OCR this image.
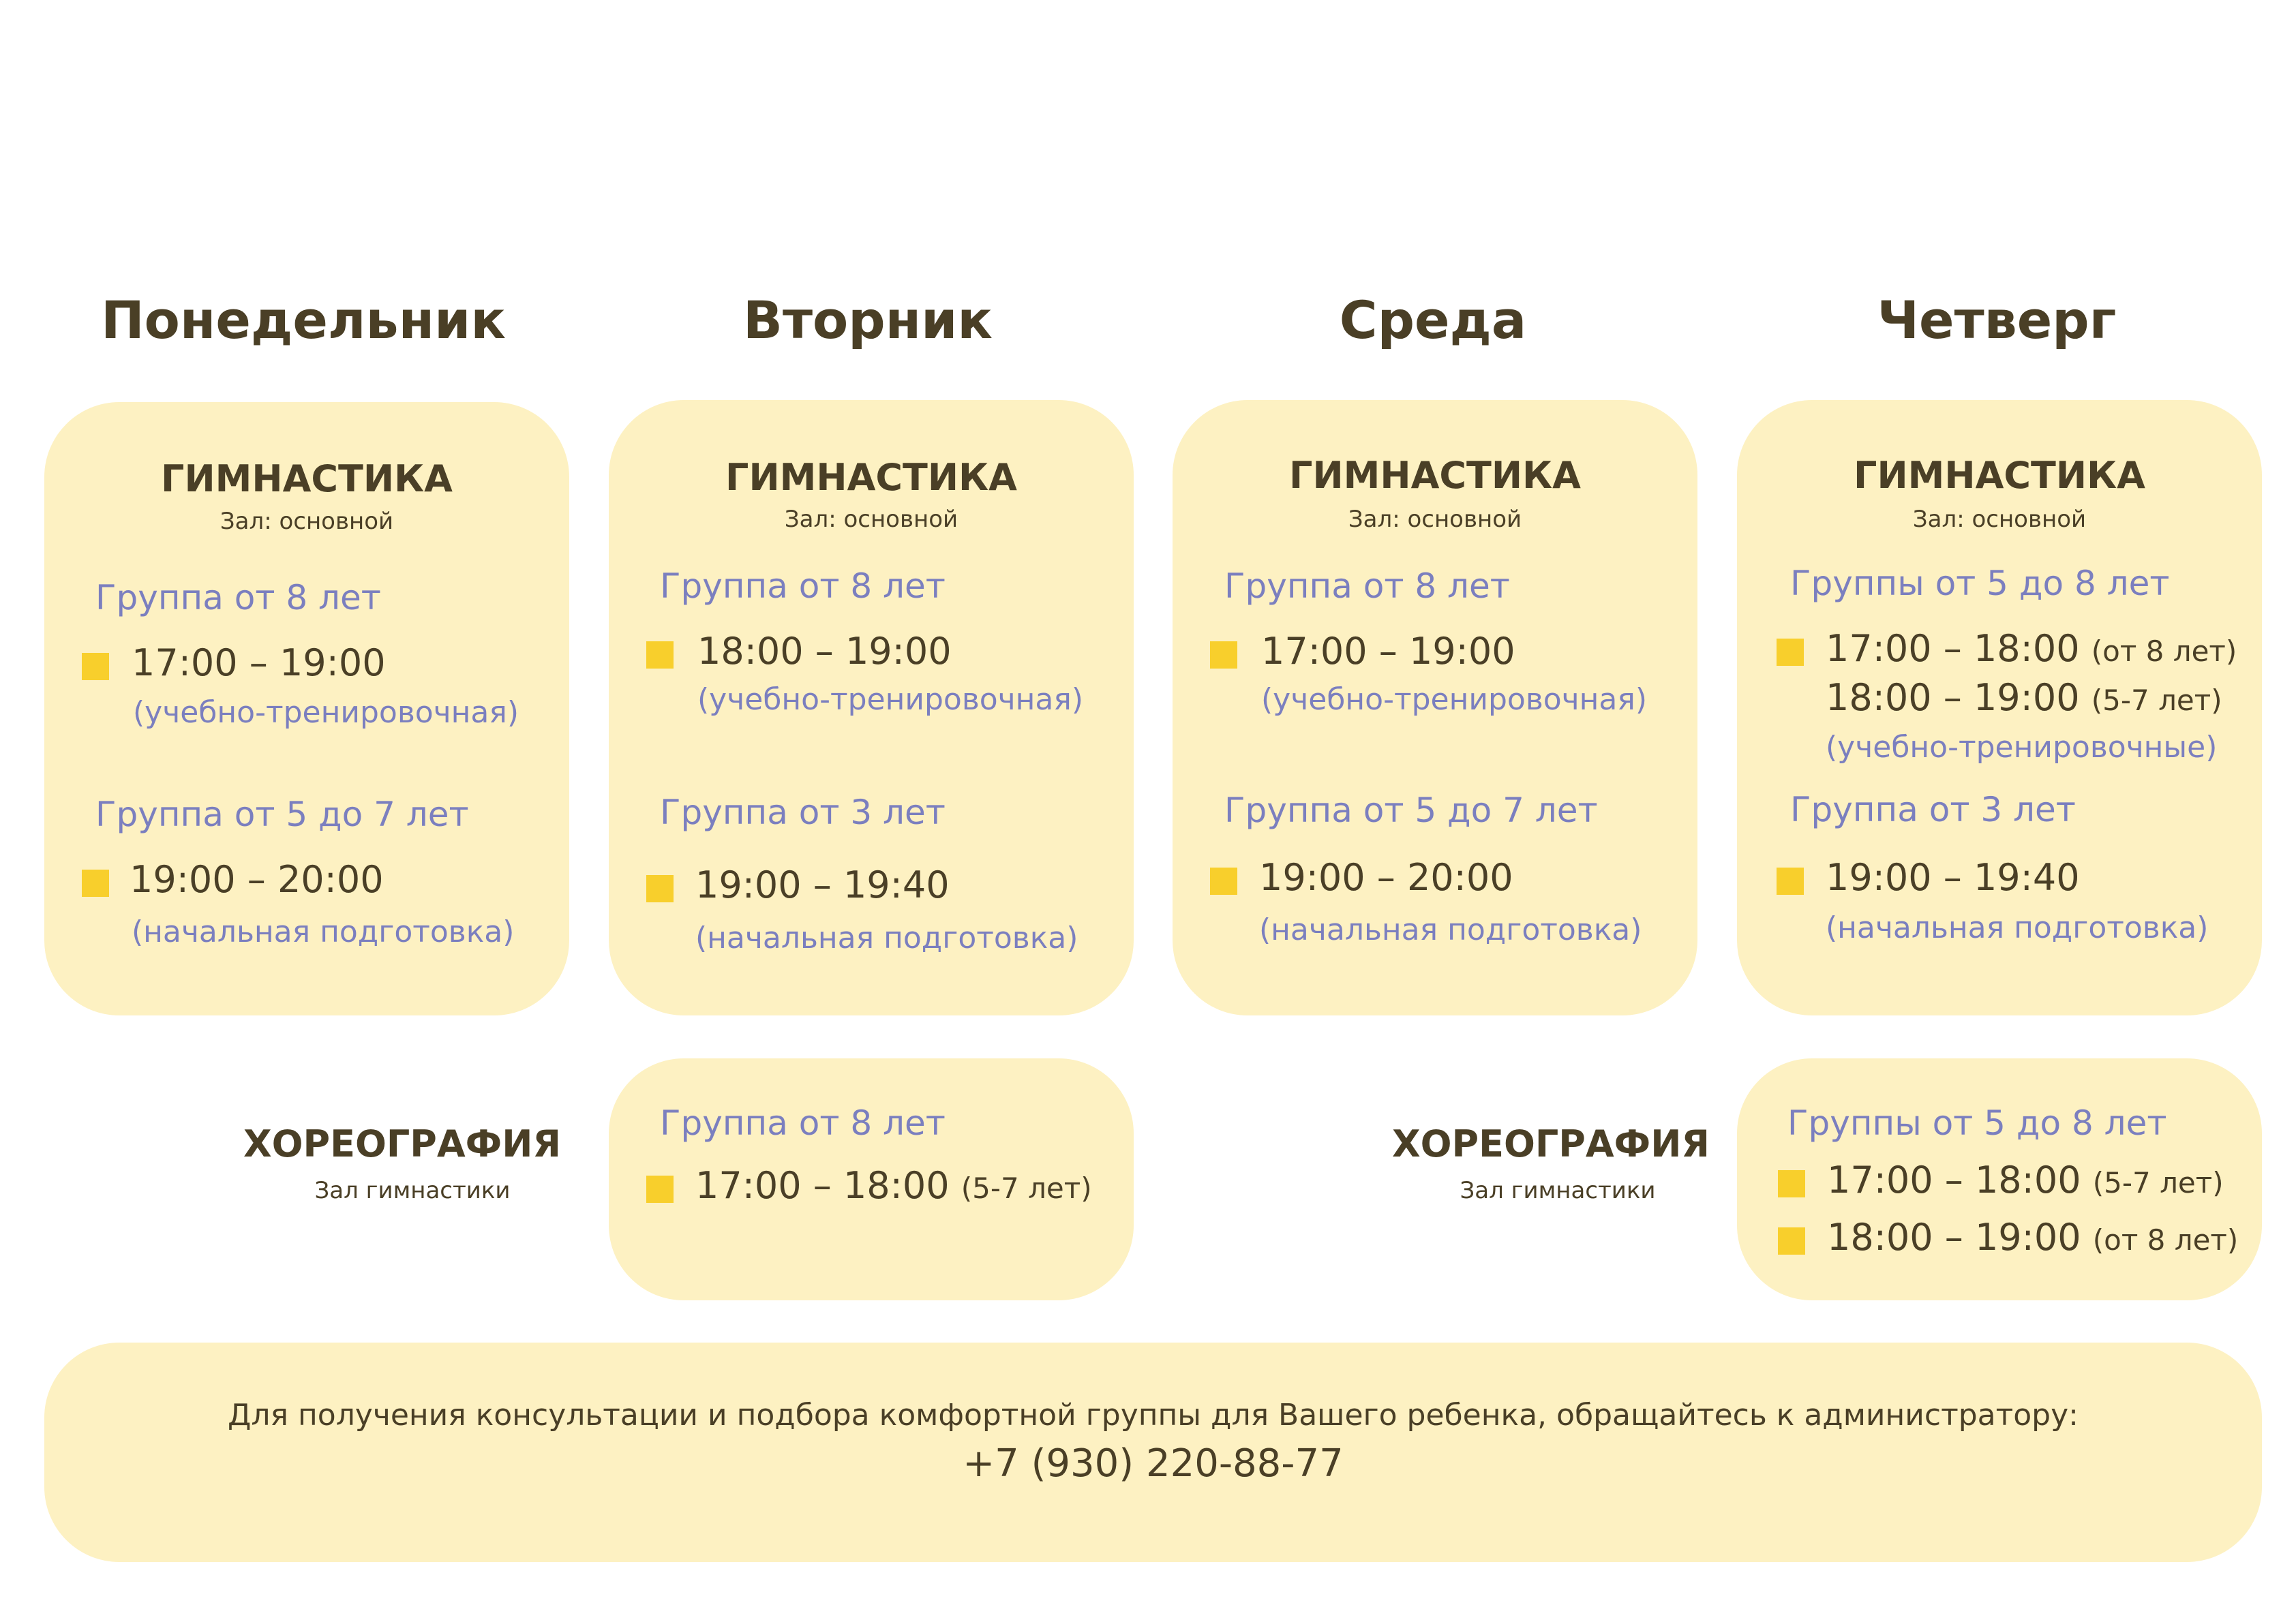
Понедельник	Вторник	Среда	Четверг
ГИМНАСТИКА
Зал: основной
Группа от 8 лет
17:00 – 19:00
(учебно-тренировочная)
Группа от 5 до 7 лет
19:00 – 20:00
(начальная подготовка)
ГИМНАСТИКА
Зал: основной
Группа от 8 лет
18:00 – 19:00
(учебно-тренировочная)
Группа от 3 лет
19:00 – 19:40
(начальная подготовка)
ГИМНАСТИКА
Зал: основной
Группа от 8 лет
17:00 – 19:00
(учебно-тренировочная)
Группа от 5 до 7 лет
19:00 – 20:00
(начальная подготовка)
ГИМНАСТИКА
Зал: основной
Группы от 5 до 8 лет
17:00 – 18:00 (от 8 лет)
18:00 – 19:00 (5-7 лет)
(учебно-тренировочные)
Группа от 3 лет
19:00 – 19:40
(начальная подготовка)
ХОРЕОГРАФИЯ
Зал гимнастики
Группа от 8 лет
17:00 – 18:00 (5-7 лет)
ХОРЕОГРАФИЯ
Зал гимнастики
Группы от 5 до 8 лет
17:00 – 18:00 (5-7 лет)
18:00 – 19:00 (от 8 лет)
Для получения консультации и подбора комфортной группы для Вашего ребенка, обращайтесь к администратору:
+7 (930) 220-88-77
